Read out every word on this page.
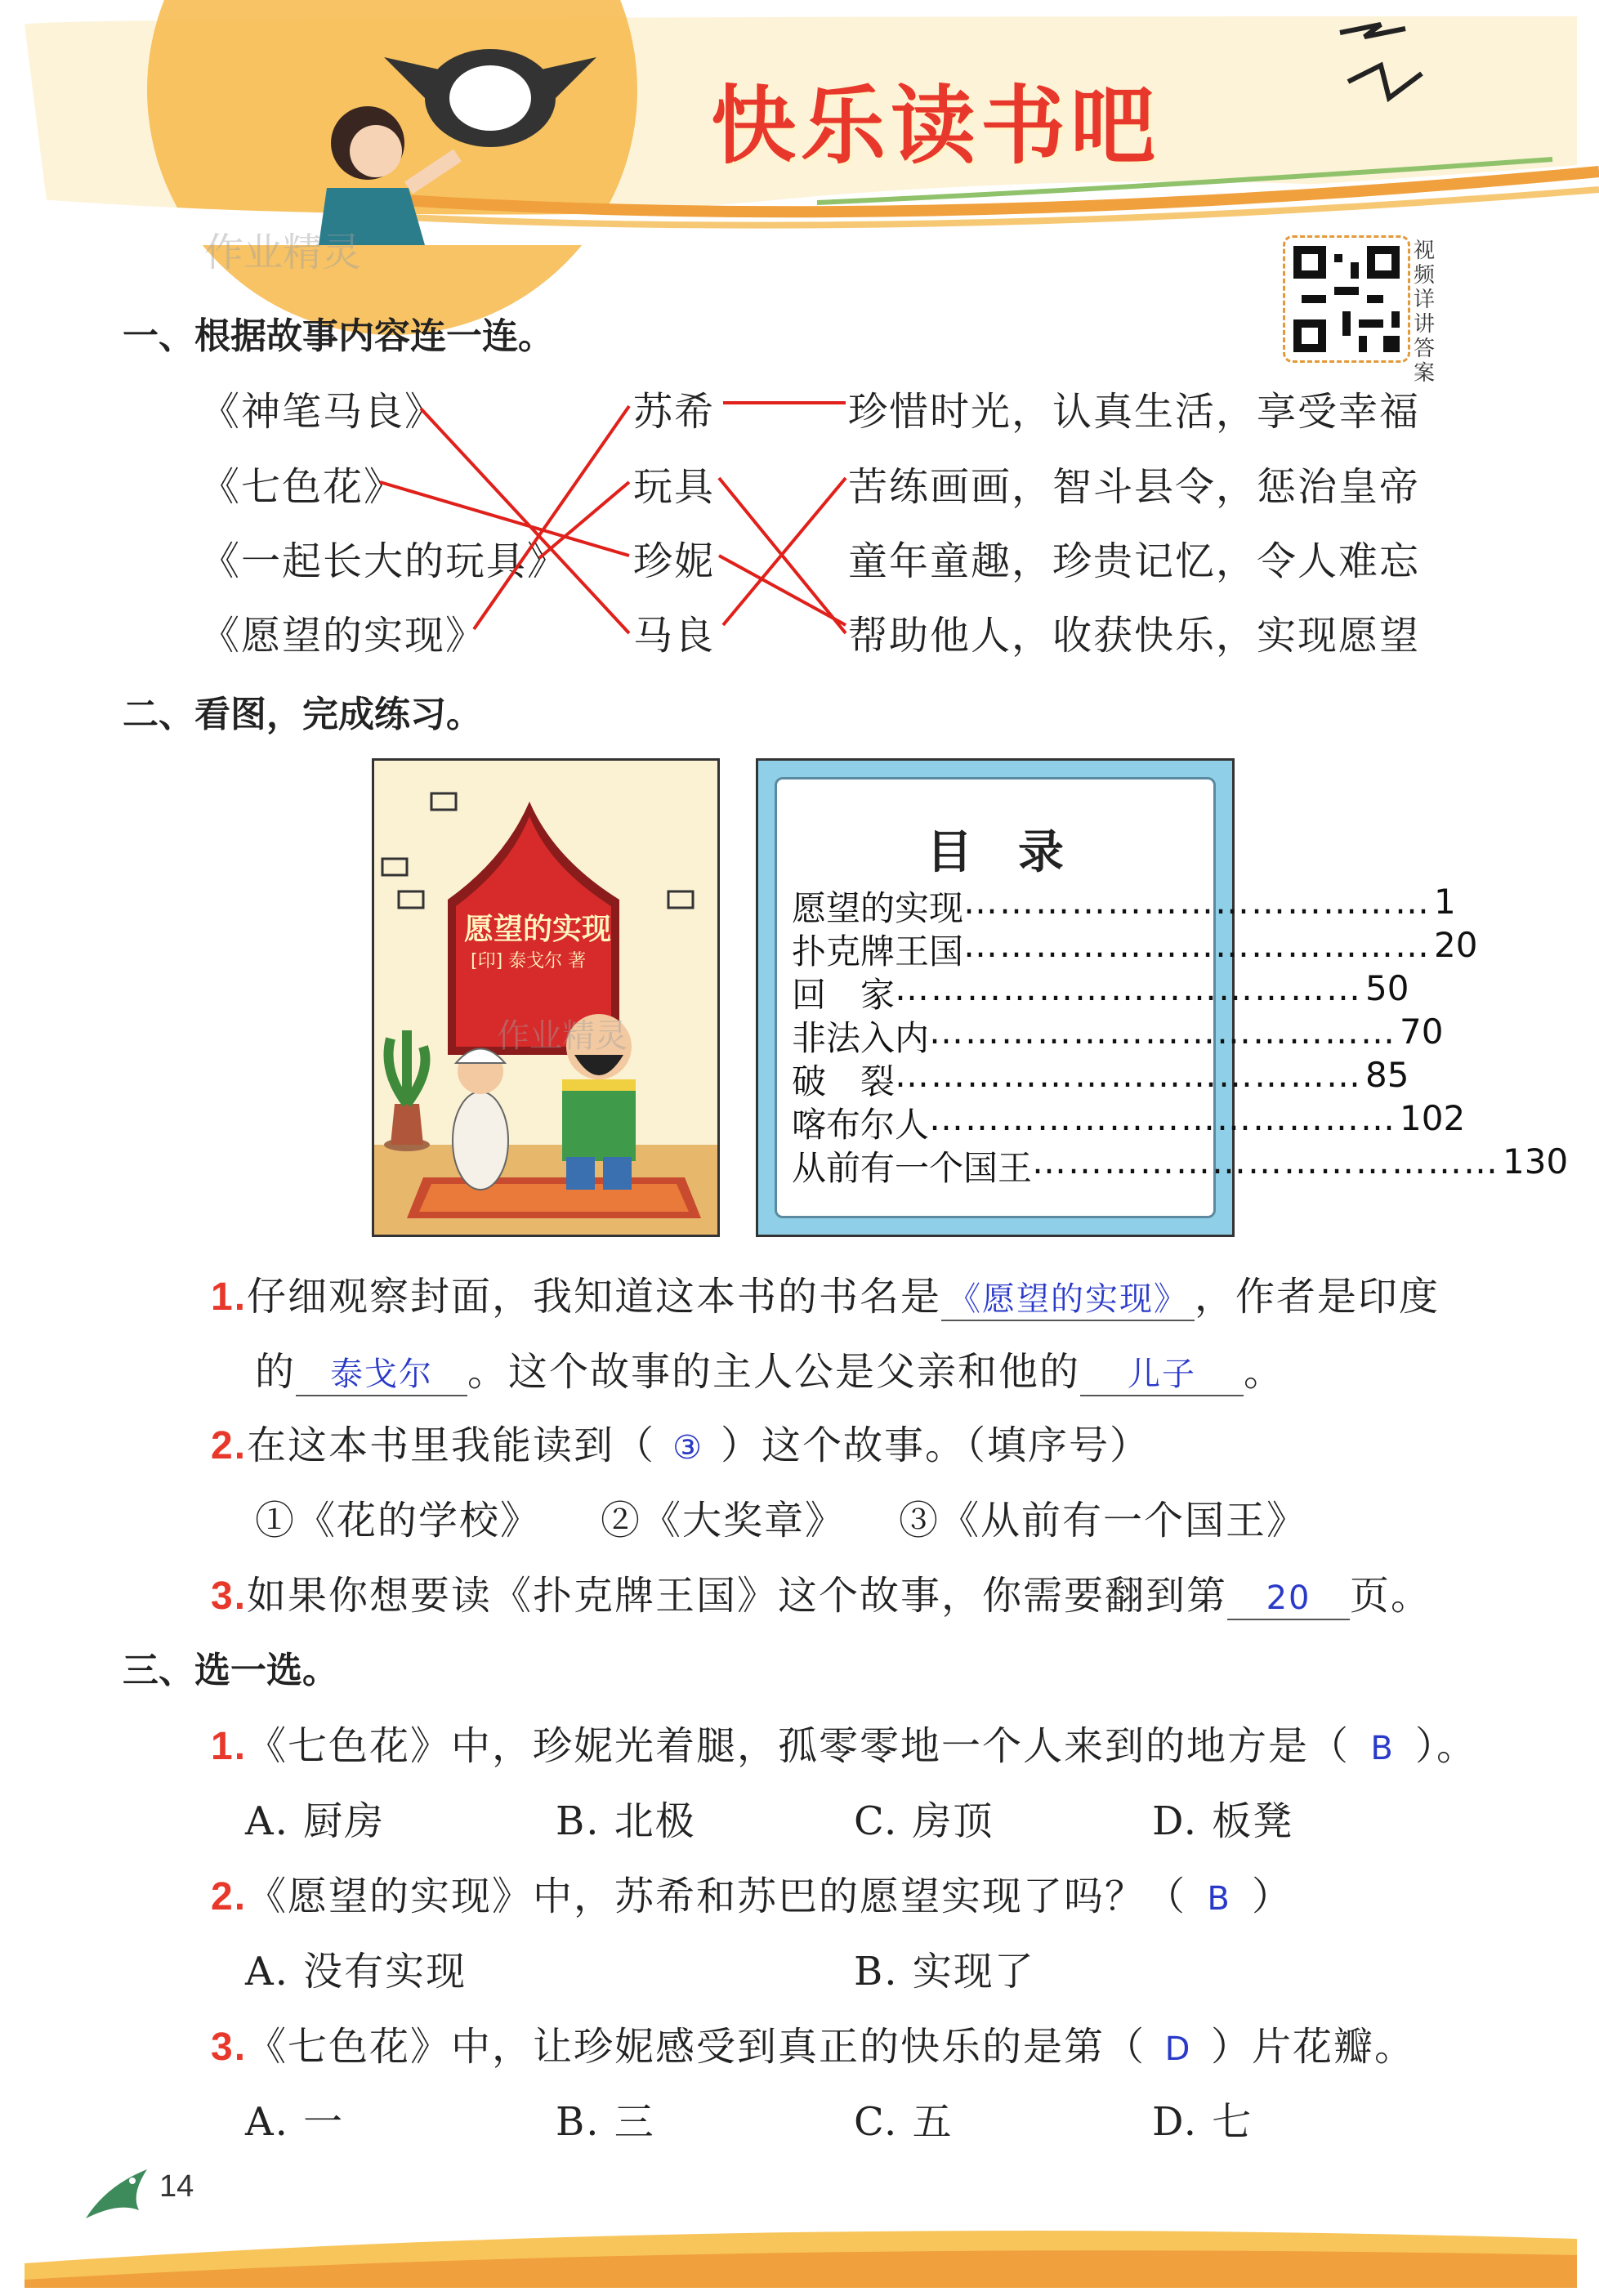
快乐读书吧
作业精灵	视频详讲答案
一、根据故事内容连一连。
《神笔马良》
《七色花》
《一起长大的玩具》
《愿望的实现》
苏希
玩具
珍妮
马良
珍惜时光，认真生活，享受幸福
苦练画画，智斗县令，惩治皇帝
童年童趣，珍贵记忆，令人难忘
帮助他人，收获快乐，实现愿望
二、看图，完成练习。
愿望的实现
[印] 泰戈尔 著
作业精灵
目　录
愿望的实现 ………………………………… 1
扑克牌王国 ………………………………… 20
回　家 ………………………………… 50
非法入内 ………………………………… 70
破　裂 ………………………………… 85
喀布尔人 ………………………………… 102
从前有一个国王 ………………………………… 130
1.仔细观察封面，我知道这本书的书名是 《愿望的实现》 ，作者是印度
的 泰戈尔 。这个故事的主人公是父亲和他的 儿子 。
2.在这本书里我能读到（ ③ ）这个故事。（填序号）
①《花的学校》 ②《大奖章》 ③《从前有一个国王》
3.如果你想要读《扑克牌王国》这个故事，你需要翻到第 20 页。
三、选一选。
1.《七色花》中，珍妮光着腿，孤零零地一个人来到的地方是（ B ）。
A. 厨房	B. 北极	C. 房顶	D. 板凳
2.《愿望的实现》中，苏希和苏巴的愿望实现了吗？（ B ）
A. 没有实现	B. 实现了
3.《七色花》中，让珍妮感受到真正的快乐的是第（ D ）片花瓣。
A. 一	B. 三	C. 五	D. 七
14
